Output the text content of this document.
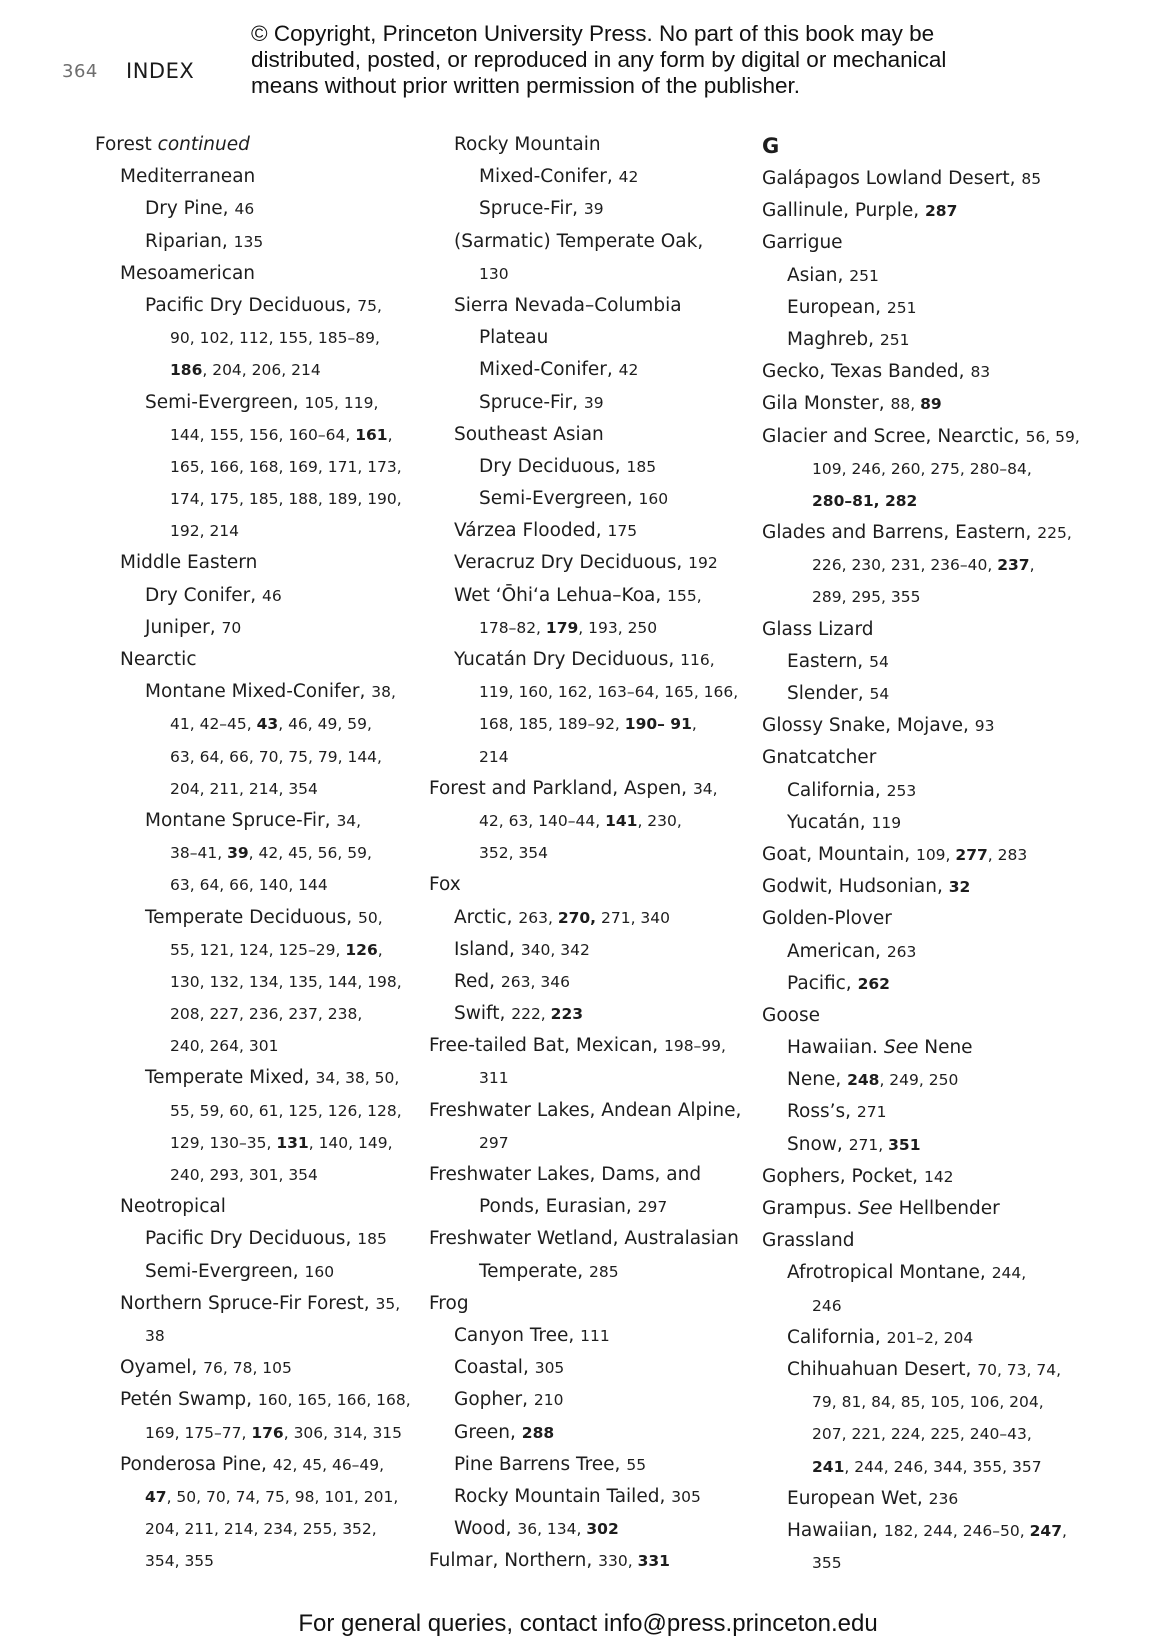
364 INDEX
© Copyright, Princeton University Press. No part of this book may be
distributed, posted, or reproduced in any form by digital or mechanical
means without prior written permission of the publisher.
Forest continued
Mediterranean
Dry Pine, 46
Riparian, 135
Mesoamerican
Pacific Dry Deciduous, 75,
90, 102, 112, 155, 185–89,
186, 204, 206, 214
Semi-Evergreen, 105, 119,
144, 155, 156, 160–64, 161,
165, 166, 168, 169, 171, 173,
174, 175, 185, 188, 189, 190,
192, 214
Middle Eastern
Dry Conifer, 46
Juniper, 70
Nearctic
Montane Mixed-Conifer, 38,
41, 42–45, 43, 46, 49, 59,
63, 64, 66, 70, 75, 79, 144,
204, 211, 214, 354
Montane Spruce-Fir, 34,
38–41, 39, 42, 45, 56, 59,
63, 64, 66, 140, 144
Temperate Deciduous, 50,
55, 121, 124, 125–29, 126,
130, 132, 134, 135, 144, 198,
208, 227, 236, 237, 238,
240, 264, 301
Temperate Mixed, 34, 38, 50,
55, 59, 60, 61, 125, 126, 128,
129, 130–35, 131, 140, 149,
240, 293, 301, 354
Neotropical
Pacific Dry Deciduous, 185
Semi-Evergreen, 160
Northern Spruce-Fir Forest, 35,
38
Oyamel, 76, 78, 105
Petén Swamp, 160, 165, 166, 168,
169, 175–77, 176, 306, 314, 315
Ponderosa Pine, 42, 45, 46–49,
47, 50, 70, 74, 75, 98, 101, 201,
204, 211, 214, 234, 255, 352,
354, 355
Rocky Mountain
Mixed-Conifer, 42
Spruce-Fir, 39
(Sarmatic) Temperate Oak,
130
Sierra Nevada–Columbia
Plateau
Mixed-Conifer, 42
Spruce-Fir, 39
Southeast Asian
Dry Deciduous, 185
Semi-Evergreen, 160
Várzea Flooded, 175
Veracruz Dry Deciduous, 192
Wet ʻŌhiʻa Lehua–Koa, 155,
178–82, 179, 193, 250
Yucatán Dry Deciduous, 116,
119, 160, 162, 163–64, 165, 166,
168, 185, 189–92, 190– 91,
214
Forest and Parkland, Aspen, 34,
42, 63, 140–44, 141, 230,
352, 354
Fox
Arctic, 263, 270, 271, 340
Island, 340, 342
Red, 263, 346
Swift, 222, 223
Free-tailed Bat, Mexican, 198–99,
311
Freshwater Lakes, Andean Alpine,
297
Freshwater Lakes, Dams, and
Ponds, Eurasian, 297
Freshwater Wetland, Australasian
Temperate, 285
Frog
Canyon Tree, 111
Coastal, 305
Gopher, 210
Green, 288
Pine Barrens Tree, 55
Rocky Mountain Tailed, 305
Wood, 36, 134, 302
Fulmar, Northern, 330, 331
G
Galápagos Lowland Desert, 85
Gallinule, Purple, 287
Garrigue
Asian, 251
European, 251
Maghreb, 251
Gecko, Texas Banded, 83
Gila Monster, 88, 89
Glacier and Scree, Nearctic, 56, 59,
109, 246, 260, 275, 280–84,
280–81, 282
Glades and Barrens, Eastern, 225,
226, 230, 231, 236–40, 237,
289, 295, 355
Glass Lizard
Eastern, 54
Slender, 54
Glossy Snake, Mojave, 93
Gnatcatcher
California, 253
Yucatán, 119
Goat, Mountain, 109, 277, 283
Godwit, Hudsonian, 32
Golden-Plover
American, 263
Pacific, 262
Goose
Hawaiian. See Nene
Nene, 248, 249, 250
Ross’s, 271
Snow, 271, 351
Gophers, Pocket, 142
Grampus. See Hellbender
Grassland
Afrotropical Montane, 244,
246
California, 201–2, 204
Chihuahuan Desert, 70, 73, 74,
79, 81, 84, 85, 105, 106, 204,
207, 221, 224, 225, 240–43,
241, 244, 246, 344, 355, 357
European Wet, 236
Hawaiian, 182, 244, 246–50, 247,
355
For general queries, contact info@press.princeton.edu
